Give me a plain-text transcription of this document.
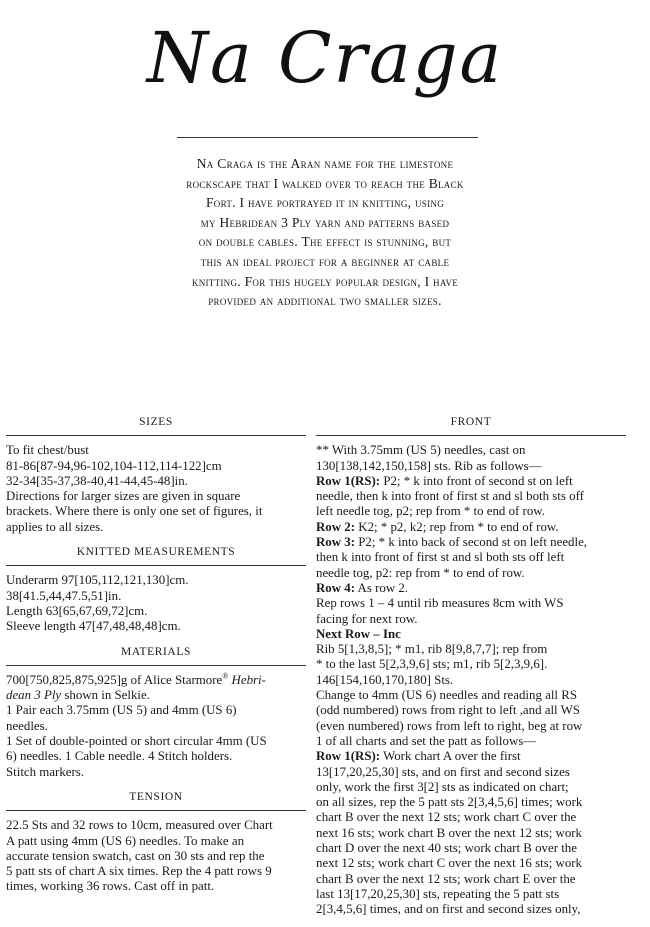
Na Craga
Na Craga is the Aran name for the limestone
rockscape that I walked over to reach the Black
Fort. I have portrayed it in knitting, using
my Hebridean 3 Ply yarn and patterns based
on double cables. The effect is stunning, but
this an ideal project for a beginner at cable
knitting. For this hugely popular design, I have
provided an additional two smaller sizes.
SIZES
To fit chest/bust
81-86[87-94,96-102,104-112,114-122]cm
32-34[35-37,38-40,41-44,45-48]in.
Directions for larger sizes are given in square
brackets. Where there is only one set of figures, it
applies to all sizes.
KNITTED MEASUREMENTS
Underarm 97[105,112,121,130]cm.
38[41.5,44,47.5,51]in.
Length 63[65,67,69,72]cm.
Sleeve length 47[47,48,48,48]cm.
MATERIALS
700[750,825,875,925]g of Alice Starmore® Hebri-
dean 3 Ply shown in Selkie.
1 Pair each 3.75mm (US 5) and 4mm (US 6)
needles.
1 Set of double-pointed or short circular 4mm (US
6) needles. 1 Cable needle. 4 Stitch holders.
Stitch markers.
TENSION
22.5 Sts and 32 rows to 10cm, measured over Chart
A patt using 4mm (US 6) needles. To make an
accurate tension swatch, cast on 30 sts and rep the
5 patt sts of chart A six times. Rep the 4 patt rows 9
times, working 36 rows. Cast off in patt.
FRONT
** With 3.75mm (US 5) needles, cast on
130[138,142,150,158] sts. Rib as follows—
Row 1(RS): P2; * k into front of second st on left
needle, then k into front of first st and sl both sts off
left needle tog, p2; rep from * to end of row.
Row 2: K2; * p2, k2; rep from * to end of row.
Row 3: P2; * k into back of second st on left needle,
then k into front of first st and sl both sts off left
needle tog, p2: rep from * to end of row.
Row 4: As row 2.
Rep rows 1 – 4 until rib measures 8cm with WS
facing for next row.
Next Row – Inc
Rib 5[1,3,8,5]; * m1, rib 8[9,8,7,7]; rep from
* to the last 5[2,3,9,6] sts; m1, rib 5[2,3,9,6].
146[154,160,170,180] Sts.
Change to 4mm (US 6) needles and reading all RS
(odd numbered) rows from right to left ,and all WS
(even numbered) rows from left to right, beg at row
1 of all charts and set the patt as follows—
Row 1(RS): Work chart A over the first
13[17,20,25,30] sts, and on first and second sizes
only, work the first 3[2] sts as indicated on chart;
on all sizes, rep the 5 patt sts 2[3,4,5,6] times; work
chart B over the next 12 sts; work chart C over the
next 16 sts; work chart B over the next 12 sts; work
chart D over the next 40 sts; work chart B over the
next 12 sts; work chart C over the next 16 sts; work
chart B over the next 12 sts; work chart E over the
last 13[17,20,25,30] sts, repeating the 5 patt sts
2[3,4,5,6] times, and on first and second sizes only,
